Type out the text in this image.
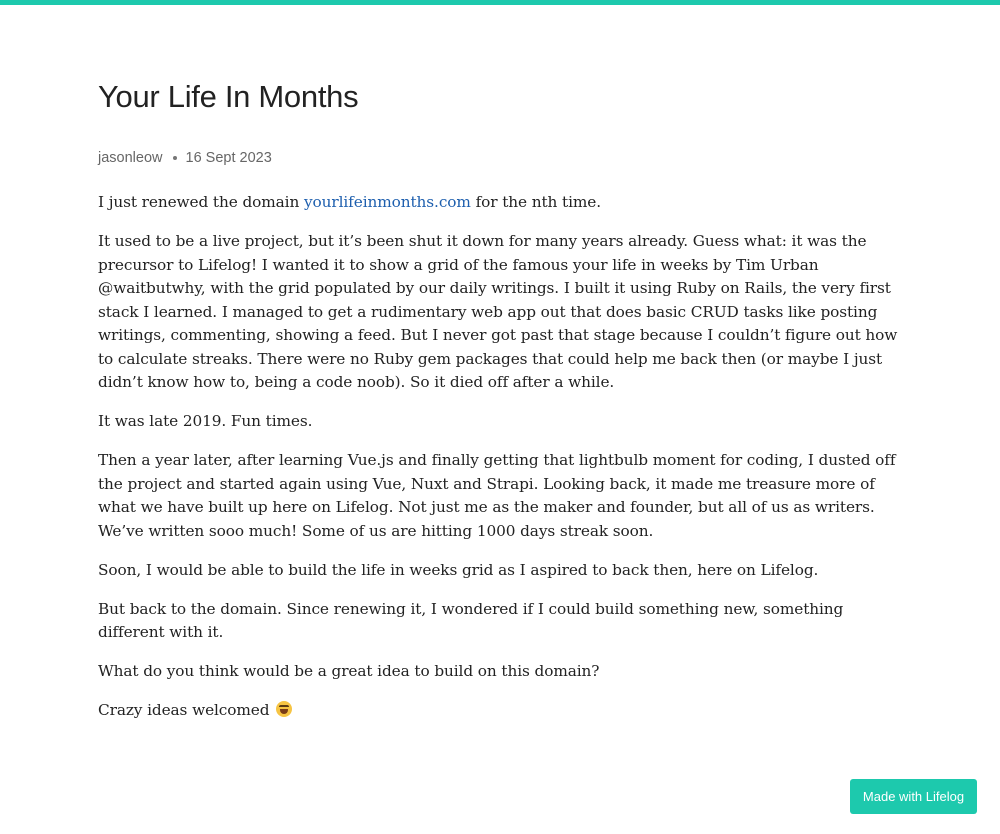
Your Life In Months
jasonleow 16 Sept 2023

I just renewed the domain yourlifeinmonths.com for the nth time.

It used to be a live project, but it’s been shut it down for many years already. Guess what: it was the precursor to Lifelog! I wanted it to show a grid of the famous your life in weeks by Tim Urban @waitbutwhy, with the grid populated by our daily writings. I built it using Ruby on Rails, the very first stack I learned. I managed to get a rudimentary web app out that does basic CRUD tasks like posting writings, commenting, showing a feed. But I never got past that stage because I couldn’t figure out how to calculate streaks. There were no Ruby gem packages that could help me back then (or maybe I just didn’t know how to, being a code noob). So it died off after a while.

It was late 2019. Fun times.

Then a year later, after learning Vue.js and finally getting that lightbulb moment for coding, I dusted off the project and started again using Vue, Nuxt and Strapi. Looking back, it made me treasure more of what we have built up here on Lifelog. Not just me as the maker and founder, but all of us as writers. We’ve written sooo much! Some of us are hitting 1000 days streak soon.

Soon, I would be able to build the life in weeks grid as I aspired to back then, here on Lifelog.

But back to the domain. Since renewing it, I wondered if I could build something new, something different with it.

What do you think would be a great idea to build on this domain?

Crazy ideas welcomed

Made with Lifelog
